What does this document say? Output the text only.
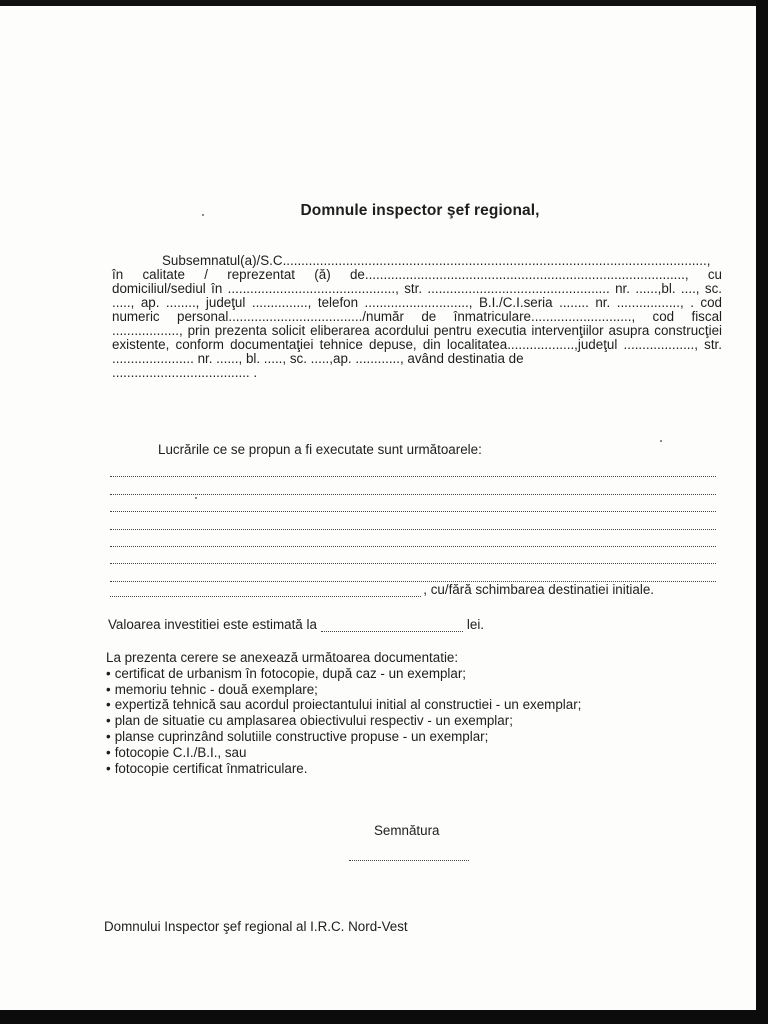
Domnule inspector şef regional,

Subsemnatul(a)/S.C.................................................................................................................., în calitate / reprezentat (ă) de......................................................................................, cu domiciliul/sediul în ............................................., str. ................................................. nr. ......,bl. ...., sc. ....., ap. ........, judeţul ..............., telefon ............................, B.I./C.I.seria ........ nr. ................., . cod numeric personal..................................../număr de înmatriculare..........................., cod fiscal .................., prin prezenta solicit eliberarea acordului pentru executia intervenţiilor asupra construcţiei existente, conform documentaţiei tehnice depuse, din localitatea..................,judeţul ..................., str. ...................... nr. ......, bl. ....., sc. .....,ap. ............, având destinatia de

..................................... .

Lucrările ce se propun a fi executate sunt următoarele:
, cu/fără schimbarea destinatiei initiale.
Valoarea investitiei este estimată la	lei.
La prezenta cerere se anexează următoarea documentatie:
• certificat de urbanism în fotocopie, după caz - un exemplar;
• memoriu tehnic - două exemplare;
• expertiză tehnică sau acordul proiectantului initial al constructiei - un exemplar;
• plan de situatie cu amplasarea obiectivului respectiv - un exemplar;
• planse cuprinzând solutiile constructive propuse - un exemplar;
• fotocopie C.I./B.I., sau
• fotocopie certificat înmatriculare.
Semnătura
Domnului Inspector şef regional al I.R.C. Nord-Vest
